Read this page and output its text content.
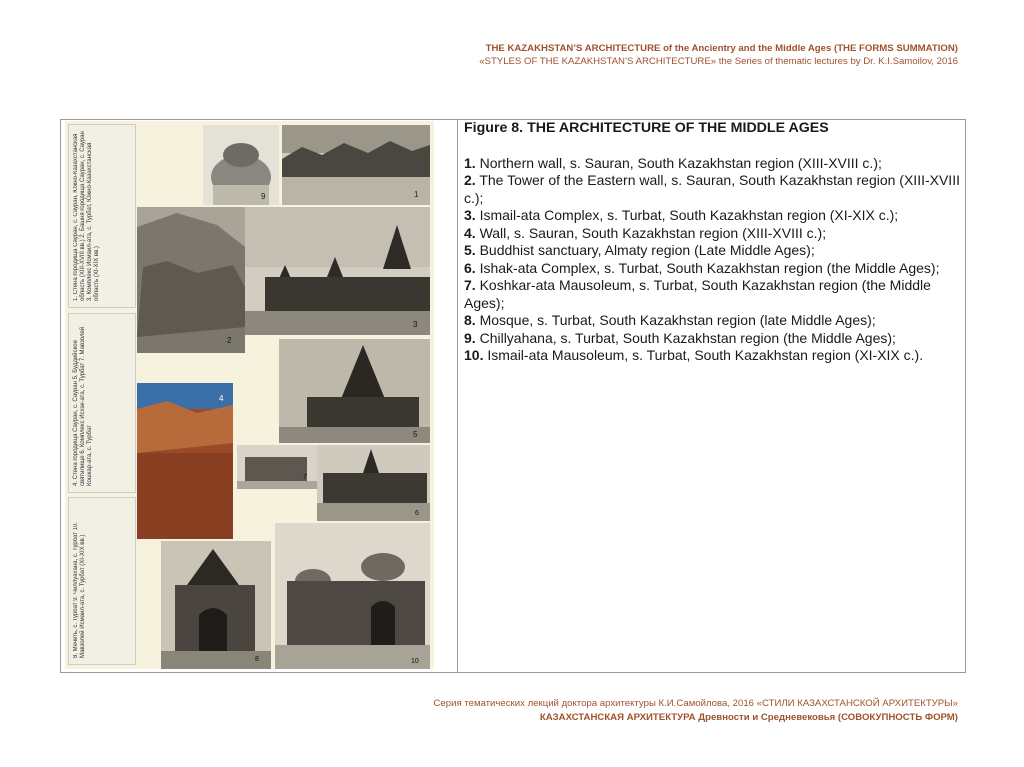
THE KAZAKHSTAN’S ARCHITECTURE of the Ancientry and the Middle Ages (THE FORMS SUMMATION)
«STYLES OF THE KAZAKHSTAN’S ARCHITECTURE» the Series of thematic lectures by Dr. K.I.Samoilov, 2016
1. Стена городища Сауран, с. Сауран, Южно-Казахстанская область (XIII-XVIII вв.) 2. Башня городища Сауран, с. Сауран 3. Комплекс Исмаил-ата, с. Турбат, Южно-Казахстанская область (XI-XIX вв.)
4. Стена городища Сауран, с. Сауран 5. Буддийское святилище 6. Комплекс Исхак-ата, с. Турбат 7. Мавзолей Кошкар-ата, с. Турбат
8. Мечеть, с. Турбат 9. Чиллyахана, с. Турбат 10. Мавзолей Исмаил-ата, с. Турбат (XI-XIX вв.)
9	1
2
3
4
5
7
6
8	10
Figure 8. THE ARCHITECTURE OF THE MIDDLE AGES
1. Northern wall, s. Sauran, South Kazakhstan region (XIII-XVIII c.);
2. The Tower of the Eastern wall, s. Sauran, South Kazakhstan region (XIII-XVIII c.);
3. Ismail-ata Complex, s. Turbat, South Kazakhstan region (XI-XIX c.);
4. Wall, s. Sauran, South Kazakhstan region (XIII-XVIII c.);
5. Buddhist sanctuary, Almaty region (Late Middle Ages);
6. Ishak-ata Complex, s. Turbat, South Kazakhstan region (the Middle Ages);
7. Koshkar-ata Mausoleum, s. Turbat, South Kazakhstan region (the Middle Ages);
8. Mosque, s. Turbat, South Kazakhstan region (late Middle Ages);
9. Chillyahana, s. Turbat, South Kazakhstan region (the Middle Ages);
10. Ismail-ata Mausoleum, s. Turbat, South Kazakhstan region (XI-XIX c.).
Серия тематических лекций доктора архитектуры К.И.Самойлова, 2016 «СТИЛИ КАЗАХСТАНСКОЙ АРХИТЕКТУРЫ»
КАЗАХСТАНСКАЯ АРХИТЕКТУРА Древности и Средневековья (СОВОКУПНОСТЬ ФОРМ)
